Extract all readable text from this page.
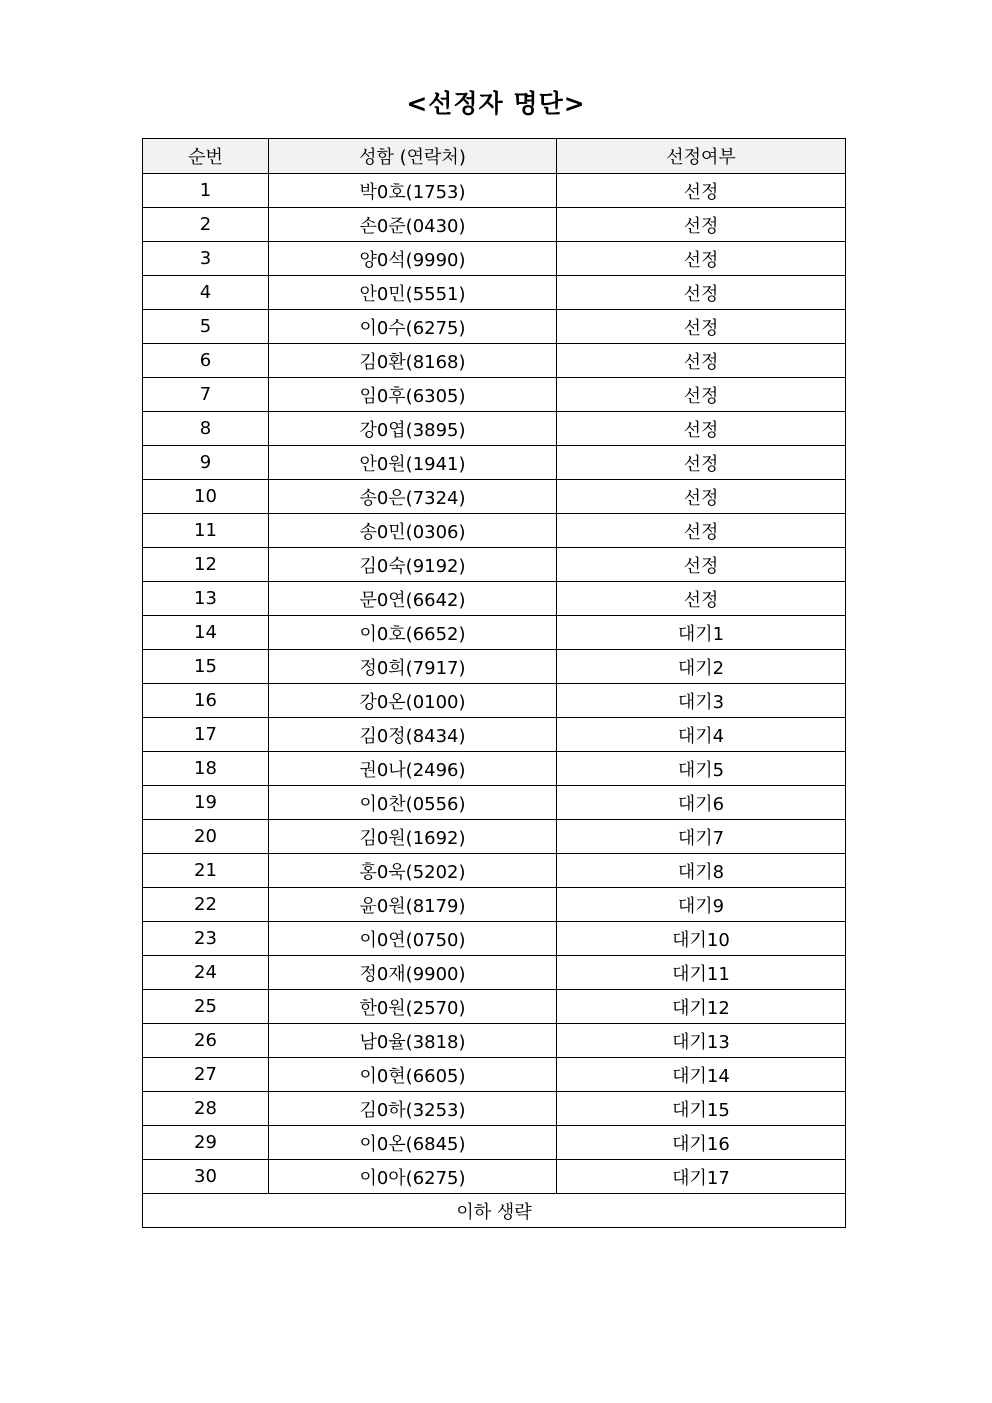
<선정자 명단>
순번	성함 (연락처)	선정여부
1	박0호(1753)	선정
2	손0준(0430)	선정
3	양0석(9990)	선정
4	안0민(5551)	선정
5	이0수(6275)	선정
6	김0환(8168)	선정
7	임0후(6305)	선정
8	강0엽(3895)	선정
9	안0원(1941)	선정
10	송0은(7324)	선정
11	송0민(0306)	선정
12	김0숙(9192)	선정
13	문0연(6642)	선정
14	이0호(6652)	대기1
15	정0희(7917)	대기2
16	강0온(0100)	대기3
17	김0정(8434)	대기4
18	권0나(2496)	대기5
19	이0찬(0556)	대기6
20	김0원(1692)	대기7
21	홍0욱(5202)	대기8
22	윤0원(8179)	대기9
23	이0연(0750)	대기10
24	정0재(9900)	대기11
25	한0원(2570)	대기12
26	남0율(3818)	대기13
27	이0현(6605)	대기14
28	김0하(3253)	대기15
29	이0온(6845)	대기16
30	이0아(6275)	대기17
이하 생략		
